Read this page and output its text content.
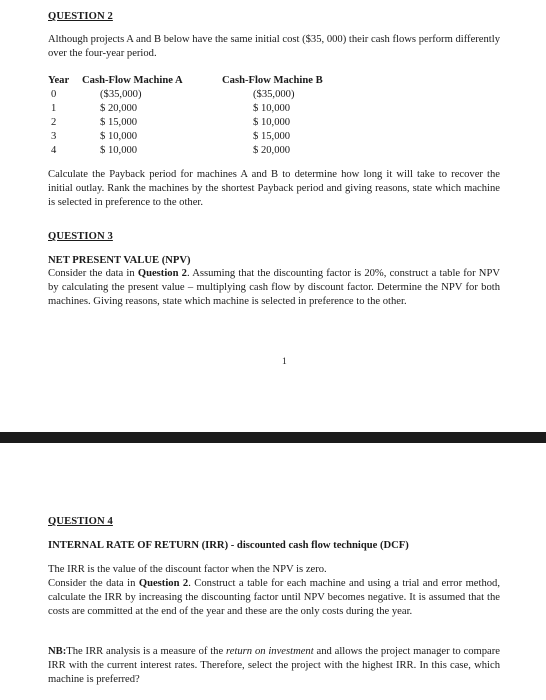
QUESTION 2
Although projects A and B below have the same initial cost ($35, 000) their cash flows perform differently over the four-year period.
Year
0
1
2
3
4
Cash-Flow Machine A
($35,000)
$ 20,000
$ 15,000
$ 10,000
$ 10,000
Cash-Flow Machine B
($35,000)
$ 10,000
$ 10,000
$ 15,000
$ 20,000
Calculate the Payback period for machines A and B to determine how long it will take to recover the initial outlay. Rank the machines by the shortest Payback period and giving reasons, state which machine is selected in preference to the other.
QUESTION 3
NET PRESENT VALUE (NPV)
Consider the data in Question 2. Assuming that the discounting factor is 20%, construct a table for NPV by calculating the present value – multiplying cash flow by discount factor. Determine the NPV for both machines. Giving reasons, state which machine is selected in preference to the other.
1
QUESTION 4
INTERNAL RATE OF RETURN (IRR) - discounted cash flow technique (DCF)
The IRR is the value of the discount factor when the NPV is zero.
Consider the data in Question 2. Construct a table for each machine and using a trial and error method, calculate the IRR by increasing the discounting factor until NPV becomes negative. It is assumed that the costs are committed at the end of the year and these are the only costs during the year.
NB:The IRR analysis is a measure of the return on investment and allows the project manager to compare IRR with the current interest rates. Therefore, select the project with the highest IRR. In this case, which machine is preferred?
